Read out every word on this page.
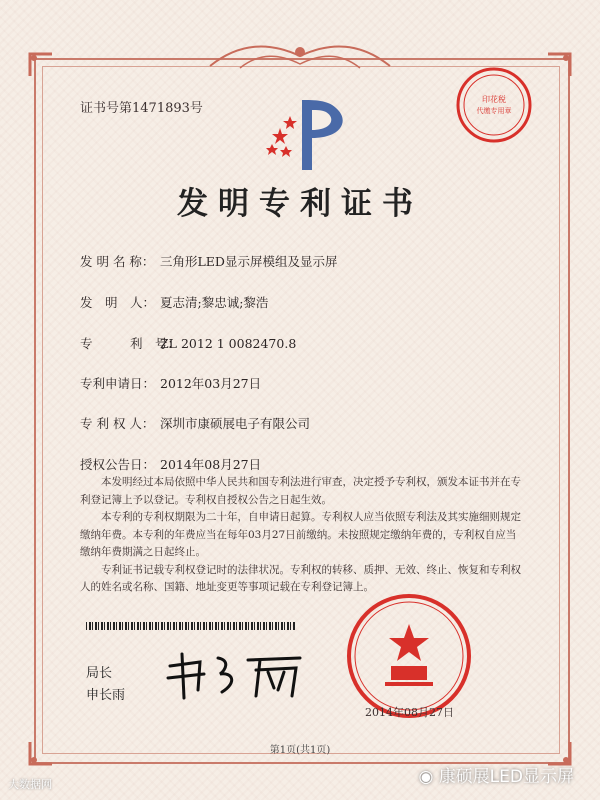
证书号第1471893号
印花税
代缴专用章
发明专利证书
发 明 名 称： 三角形LED显示屏模组及显示屏
发　明　人： 夏志清;黎忠诚;黎浩
专　　　利　号：ZL 2012 1 0082470.8
专利申请日： 2012年03月27日
专 利 权 人： 深圳市康硕展电子有限公司
授权公告日： 2014年08月27日

本发明经过本局依照中华人民共和国专利法进行审查，决定授予专利权，颁发本证书并在专利登记簿上予以登记。专利权自授权公告之日起生效。

本专利的专利权期限为二十年，自申请日起算。专利权人应当依照专利法及其实施细则规定缴纳年费。本专利的年费应当在每年03月27日前缴纳。未按照规定缴纳年费的，专利权自应当缴纳年费期满之日起终止。

专利证书记载专利权登记时的法律状况。专利权的转移、质押、无效、终止、恢复和专利权人的姓名或名称、国籍、地址变更等事项记载在专利登记簿上。

局长
申长雨
2014年08月27日
第1页(共1页)
大数据网	◉ 康硕展LED显示屏
